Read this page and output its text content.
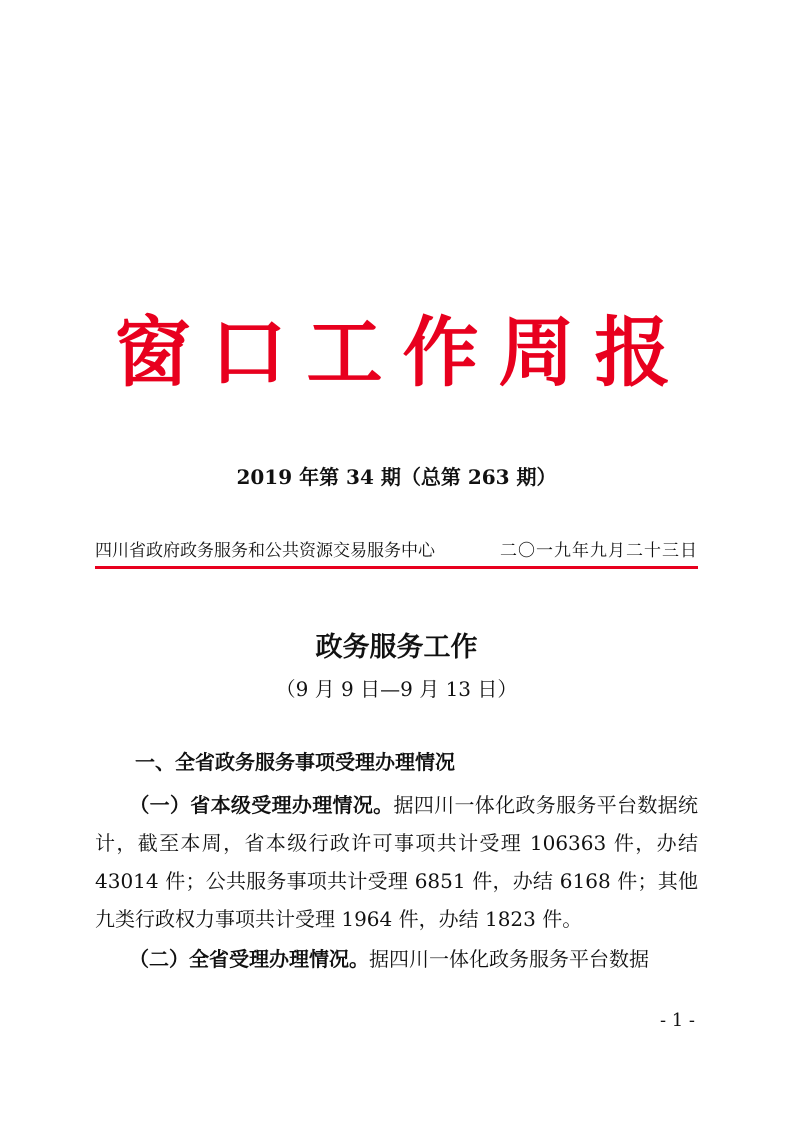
窗口工作周报
2019 年第 34 期（总第 263 期）
四川省政府政务服务和公共资源交易服务中心	二〇一九年九月二十三日
政务服务工作
（9 月 9 日—9 月 13 日）
一、全省政务服务事项受理办理情况

（一）省本级受理办理情况。据四川一体化政务服务平台数据统计，截至本周，省本级行政许可事项共计受理 106363 件，办结 43014 件；公共服务事项共计受理 6851 件，办结 6168 件；其他九类行政权力事项共计受理 1964 件，办结 1823 件。

（二）全省受理办理情况。据四川一体化政务服务平台数据

- 1 -
